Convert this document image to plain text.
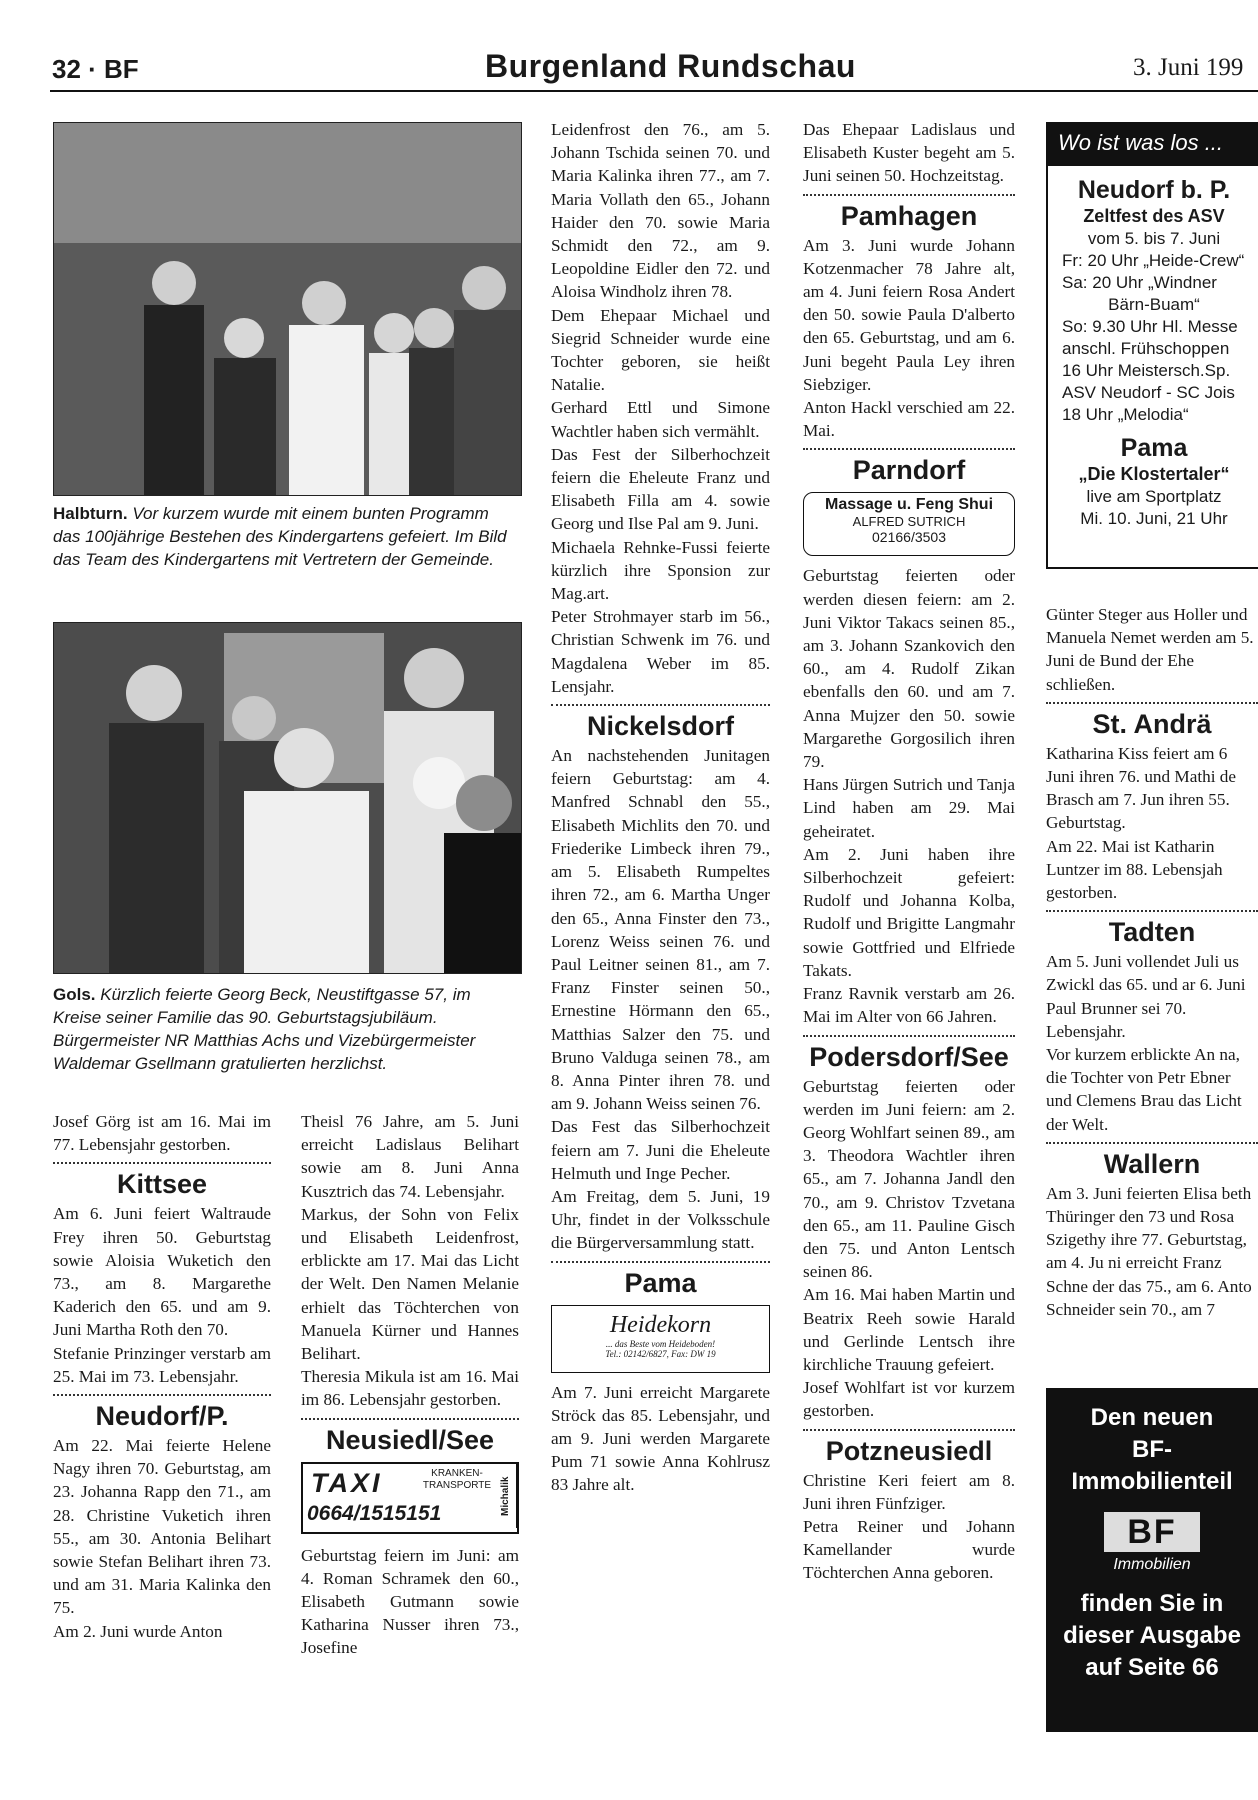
32 · BF	Burgenland Rundschau	3. Juni 199
Halbturn. Vor kurzem wurde mit einem bunten Programm das 100jährige Bestehen des Kindergartens gefeiert. Im Bild das Team des Kindergartens mit Vertretern der Gemeinde.
Gols. Kürzlich feierte Georg Beck, Neustiftgasse 57, im Kreise seiner Familie das 90. Geburtstagsjubiläum. Bürgermeister NR Matthias Achs und Vizebürgermeister Waldemar Gsellmann gratulierten herzlichst.

Josef Görg ist am 16. Mai im 77. Lebensjahr gestorben.

Kittsee

Am 6. Juni feiert Waltraude Frey ihren 50. Geburtstag sowie Aloisia Wuketich den 73., am 8. Margarethe Kaderich den 65. und am 9. Juni Martha Roth den 70.

Stefanie Prinzinger verstarb am 25. Mai im 73. Lebensjahr.

Neudorf/P.

Am 22. Mai feierte Helene Nagy ihren 70. Geburtstag, am 23. Johanna Rapp den 71., am 28. Christine Vuketich ihren 55., am 30. Antonia Belihart sowie Stefan Belihart ihren 73. und am 31. Maria Kalinka den 75.

Am 2. Juni wurde Anton

Theisl 76 Jahre, am 5. Juni erreicht Ladislaus Belihart sowie am 8. Juni Anna Kusztrich das 74. Lebensjahr.

Markus, der Sohn von Felix und Elisabeth Leidenfrost, erblickte am 17. Mai das Licht der Welt. Den Namen Melanie erhielt das Töchterchen von Manuela Kürner und Hannes Belihart.

Theresia Mikula ist am 16. Mai im 86. Lebensjahr gestorben.

Neusiedl/See
TAXI	KRANKEN- TRANSPORTE
0664/1515151	Michalik

Geburtstag feiern im Juni: am 4. Roman Schramek den 60., Elisabeth Gutmann sowie Katharina Nusser ihren 73., Josefine

Leidenfrost den 76., am 5. Johann Tschida seinen 70. und Maria Kalinka ihren 77., am 7. Maria Vollath den 65., Johann Haider den 70. sowie Maria Schmidt den 72., am 9. Leopoldine Eidler den 72. und Aloisa Windholz ihren 78.

Dem Ehepaar Michael und Siegrid Schneider wurde eine Tochter geboren, sie heißt Natalie.

Gerhard Ettl und Simone Wachtler haben sich vermählt.

Das Fest der Silberhochzeit feiern die Eheleute Franz und Elisabeth Filla am 4. sowie Georg und Ilse Pal am 9. Juni.

Michaela Rehnke-Fussi feierte kürzlich ihre Sponsion zur Mag.art.

Peter Strohmayer starb im 56., Christian Schwenk im 76. und Magdalena Weber im 85. Lensjahr.

Nickelsdorf

An nachstehenden Junitagen feiern Geburtstag: am 4. Manfred Schnabl den 55., Elisabeth Michlits den 70. und Friederike Limbeck ihren 79., am 5. Elisabeth Rumpeltes ihren 72., am 6. Martha Unger den 65., Anna Finster den 73., Lorenz Weiss seinen 76. und Paul Leitner seinen 81., am 7. Franz Finster seinen 50., Ernestine Hörmann den 65., Matthias Salzer den 75. und Bruno Valduga seinen 78., am 8. Anna Pinter ihren 78. und am 9. Johann Weiss seinen 76.

Das Fest das Silberhochzeit feiern am 7. Juni die Eheleute Helmuth und Inge Pecher.

Am Freitag, dem 5. Juni, 19 Uhr, findet in der Volksschule die Bürgerversammlung statt.

Pama
Heidekorn
... das Beste vom Heideboden!
Tel.: 02142/6827, Fax: DW 19

Am 7. Juni erreicht Margarete Ströck das 85. Lebensjahr, und am 9. Juni werden Margarete Pum 71 sowie Anna Kohlrusz 83 Jahre alt.

Das Ehepaar Ladislaus und Elisabeth Kuster begeht am 5. Juni seinen 50. Hochzeitstag.

Pamhagen

Am 3. Juni wurde Johann Kotzenmacher 78 Jahre alt, am 4. Juni feiern Rosa Andert den 50. sowie Paula D'alberto den 65. Geburtstag, und am 6. Juni begeht Paula Ley ihren Siebziger.

Anton Hackl verschied am 22. Mai.

Parndorf
Massage u. Feng Shui
ALFRED SUTRICH
02166/3503

Geburtstag feierten oder werden diesen feiern: am 2. Juni Viktor Takacs seinen 85., am 3. Johann Szankovich den 60., am 4. Rudolf Zikan ebenfalls den 60. und am 7. Anna Mujzer den 50. sowie Margarethe Gorgosilich ihren 79.

Hans Jürgen Sutrich und Tanja Lind haben am 29. Mai geheiratet.

Am 2. Juni haben ihre Silberhochzeit gefeiert: Rudolf und Johanna Kolba, Rudolf und Brigitte Langmahr sowie Gottfried und Elfriede Takats.

Franz Ravnik verstarb am 26. Mai im Alter von 66 Jahren.

Podersdorf/See

Geburtstag feierten oder werden im Juni feiern: am 2. Georg Wohlfart seinen 89., am 3. Theodora Wachtler ihren 65., am 7. Johanna Jandl den 70., am 9. Christov Tzvetana den 65., am 11. Pauline Gisch den 75. und Anton Lentsch seinen 86.

Am 16. Mai haben Martin und Beatrix Reeh sowie Harald und Gerlinde Lentsch ihre kirchliche Trauung gefeiert.

Josef Wohlfart ist vor kurzem gestorben.

Potzneusiedl

Christine Keri feiert am 8. Juni ihren Fünfziger.

Petra Reiner und Johann Kamellander wurde Töchterchen Anna geboren.

Wo ist was los ...
Neudorf b. P.
Zeltfest des ASV
vom 5. bis 7. Juni
Fr: 20 Uhr „Heide-Crew“
Sa: 20 Uhr „Windner
Bärn-Buam“
So: 9.30 Uhr Hl. Messe
anschl. Frühschoppen
16 Uhr Meistersch.Sp.
ASV Neudorf - SC Jois
18 Uhr „Melodia“
Pama
„Die Klostertaler“
live am Sportplatz
Mi. 10. Juni, 21 Uhr

Günter Steger aus Holler und Manuela Nemet werden am 5. Juni de Bund der Ehe schließen.

St. Andrä

Katharina Kiss feiert am 6 Juni ihren 76. und Mathi de Brasch am 7. Jun ihren 55. Geburtstag.

Am 22. Mai ist Katharin Luntzer im 88. Lebensjah gestorben.

Tadten

Am 5. Juni vollendet Juli us Zwickl das 65. und ar 6. Juni Paul Brunner sei 70. Lebensjahr.

Vor kurzem erblickte An na, die Tochter von Petr Ebner und Clemens Brau das Licht der Welt.

Wallern

Am 3. Juni feierten Elisa beth Thüringer den 73 und Rosa Szigethy ihre 77. Geburtstag, am 4. Ju ni erreicht Franz Schne der das 75., am 6. Anto Schneider sein 70., am 7

Den neuen
BF-
Immobilienteil
BF
Immobilien
finden Sie in
dieser Ausgabe
auf Seite 66
